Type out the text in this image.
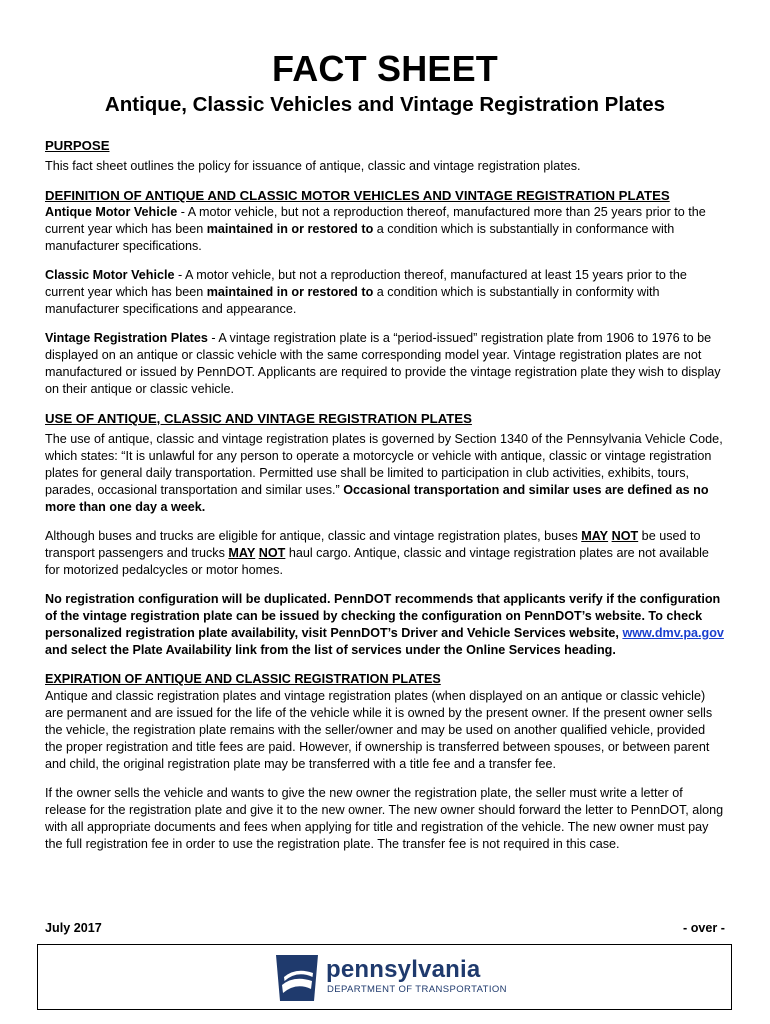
FACT SHEET
Antique, Classic Vehicles and Vintage Registration Plates
PURPOSE

This fact sheet outlines the policy for issuance of antique, classic and vintage registration plates.

DEFINITION OF ANTIQUE AND CLASSIC MOTOR VEHICLES AND VINTAGE REGISTRATION PLATES

Antique Motor Vehicle - A motor vehicle, but not a reproduction thereof, manufactured more than 25 years prior to the current year which has been maintained in or restored to a condition which is substantially in conformance with manufacturer specifications.

Classic Motor Vehicle - A motor vehicle, but not a reproduction thereof, manufactured at least 15 years prior to the current year which has been maintained in or restored to a condition which is substantially in conformity with manufacturer specifications and appearance.

Vintage Registration Plates - A vintage registration plate is a “period-issued” registration plate from 1906 to 1976 to be displayed on an antique or classic vehicle with the same corresponding model year. Vintage registration plates are not manufactured or issued by PennDOT. Applicants are required to provide the vintage registration plate they wish to display on their antique or classic vehicle.

USE OF ANTIQUE, CLASSIC AND VINTAGE REGISTRATION PLATES

The use of antique, classic and vintage registration plates is governed by Section 1340 of the Pennsylvania Vehicle Code, which states: “It is unlawful for any person to operate a motorcycle or vehicle with antique, classic or vintage registration plates for general daily transportation. Permitted use shall be limited to participation in club activities, exhibits, tours, parades, occasional transportation and similar uses.” Occasional transportation and similar uses are defined as no more than one day a week.

Although buses and trucks are eligible for antique, classic and vintage registration plates, buses MAY NOT be used to transport passengers and trucks MAY NOT haul cargo. Antique, classic and vintage registration plates are not available for motorized pedalcycles or motor homes.

No registration configuration will be duplicated. PennDOT recommends that applicants verify if the configuration of the vintage registration plate can be issued by checking the configuration on PennDOT’s website. To check personalized registration plate availability, visit PennDOT’s Driver and Vehicle Services website, www.dmv.pa.gov and select the Plate Availability link from the list of services under the Online Services heading.

EXPIRATION OF ANTIQUE AND CLASSIC REGISTRATION PLATES

Antique and classic registration plates and vintage registration plates (when displayed on an antique or classic vehicle) are permanent and are issued for the life of the vehicle while it is owned by the present owner. If the present owner sells the vehicle, the registration plate remains with the seller/owner and may be used on another qualified vehicle, provided the proper registration and title fees are paid. However, if ownership is transferred between spouses, or between parent and child, the original registration plate may be transferred with a title fee and a transfer fee.

If the owner sells the vehicle and wants to give the new owner the registration plate, the seller must write a letter of release for the registration plate and give it to the new owner. The new owner should forward the letter to PennDOT, along with all appropriate documents and fees when applying for title and registration of the vehicle. The new owner must pay the full registration fee in order to use the registration plate. The transfer fee is not required in this case.

July 2017	- over -
pennsylvania
DEPARTMENT OF TRANSPORTATION
